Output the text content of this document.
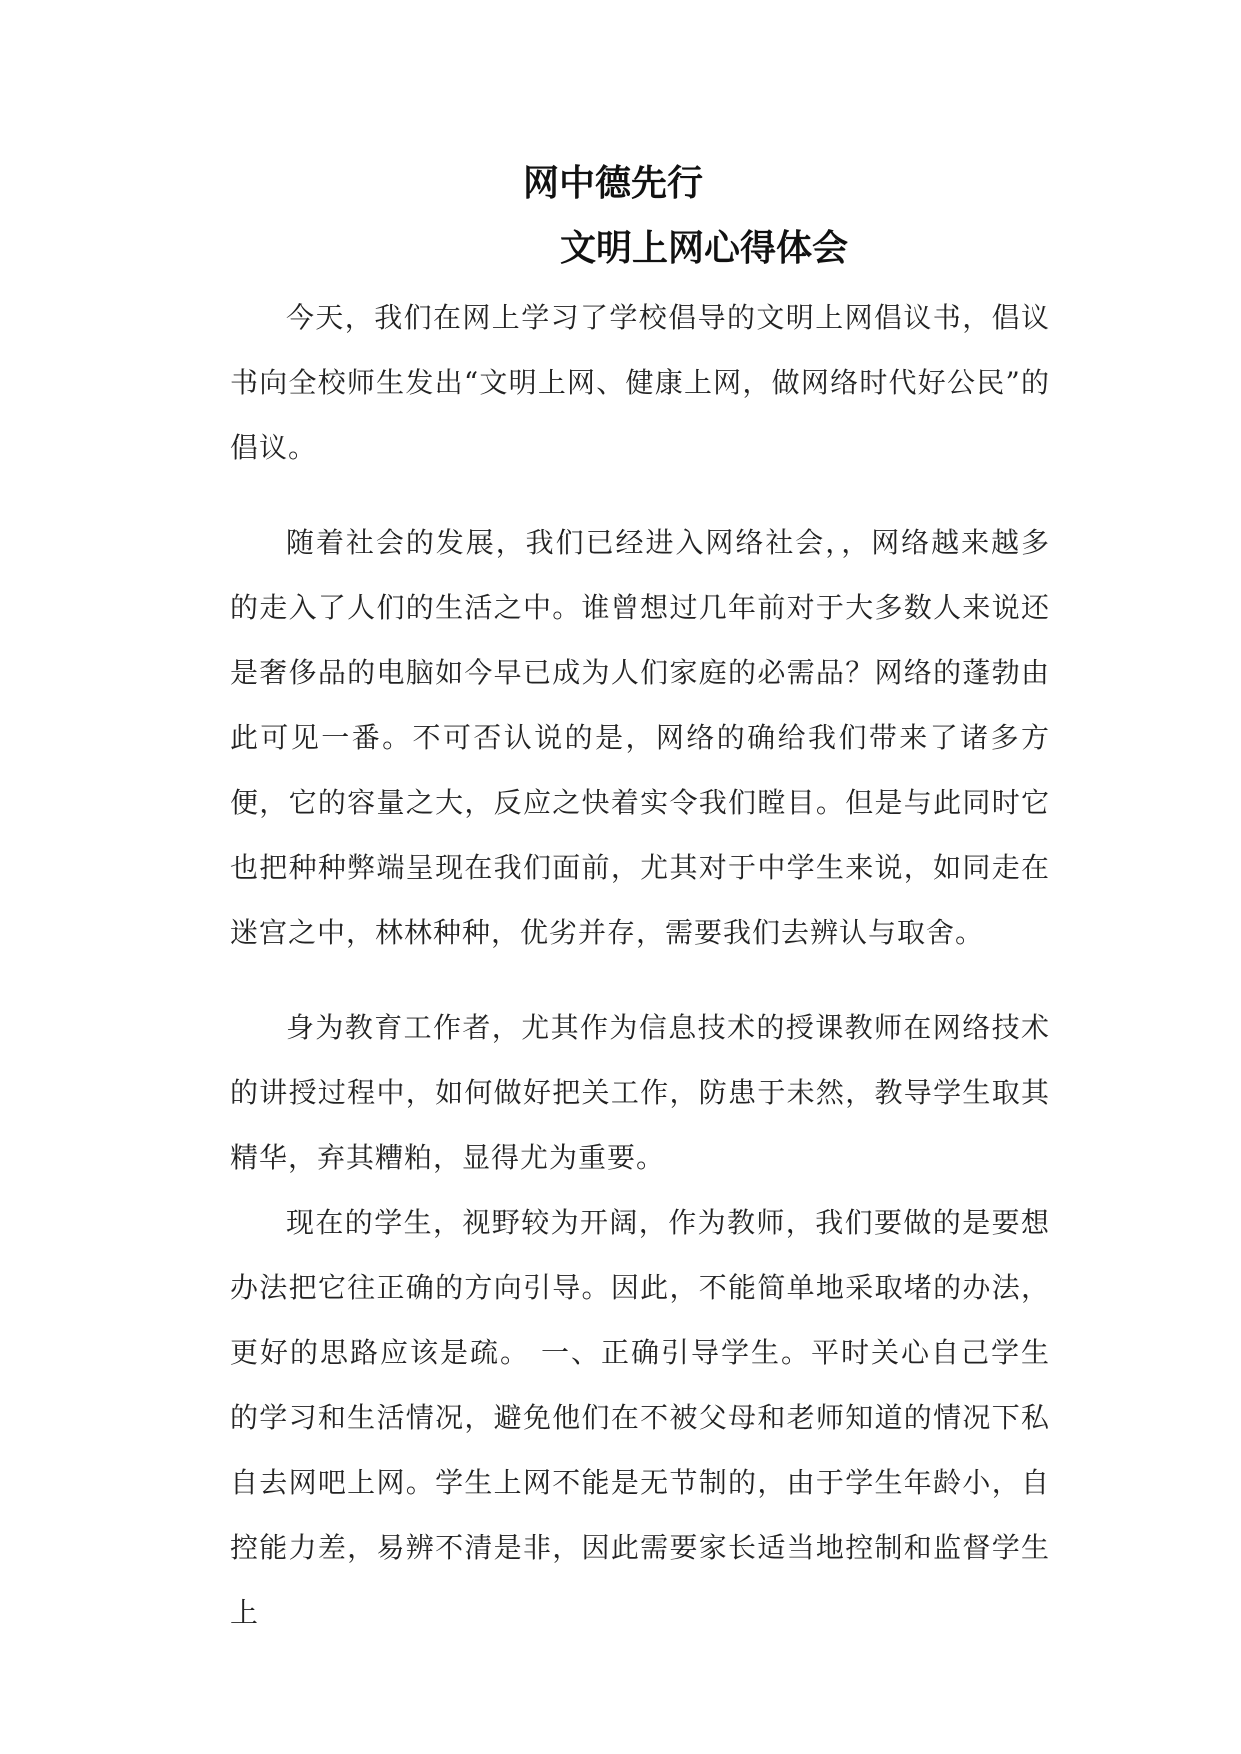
网中德先行
文明上网心得体会

今天，我们在网上学习了学校倡导的文明上网倡议书，倡议书向全校师生发出“文明上网、健康上网，做网络时代好公民”的倡议。

随着社会的发展，我们已经进入网络社会，，网络越来越多的走入了人们的生活之中。谁曾想过几年前对于大多数人来说还是奢侈品的电脑如今早已成为人们家庭的必需品？网络的蓬勃由此可见一番。不可否认说的是，网络的确给我们带来了诸多方便，它的容量之大，反应之快着实令我们瞠目。但是与此同时它也把种种弊端呈现在我们面前，尤其对于中学生来说，如同走在迷宫之中，林林种种，优劣并存，需要我们去辨认与取舍。

身为教育工作者，尤其作为信息技术的授课教师在网络技术的讲授过程中，如何做好把关工作，防患于未然，教导学生取其精华，弃其糟粕，显得尤为重要。

现在的学生，视野较为开阔，作为教师，我们要做的是要想办法把它往正确的方向引导。因此，不能简单地采取堵的办法，更好的思路应该是疏。 一、正确引导学生。平时关心自己学生的学习和生活情况，避免他们在不被父母和老师知道的情况下私自去网吧上网。学生上网不能是无节制的，由于学生年龄小，自控能力差，易辨不清是非，因此需要家长适当地控制和监督学生上
